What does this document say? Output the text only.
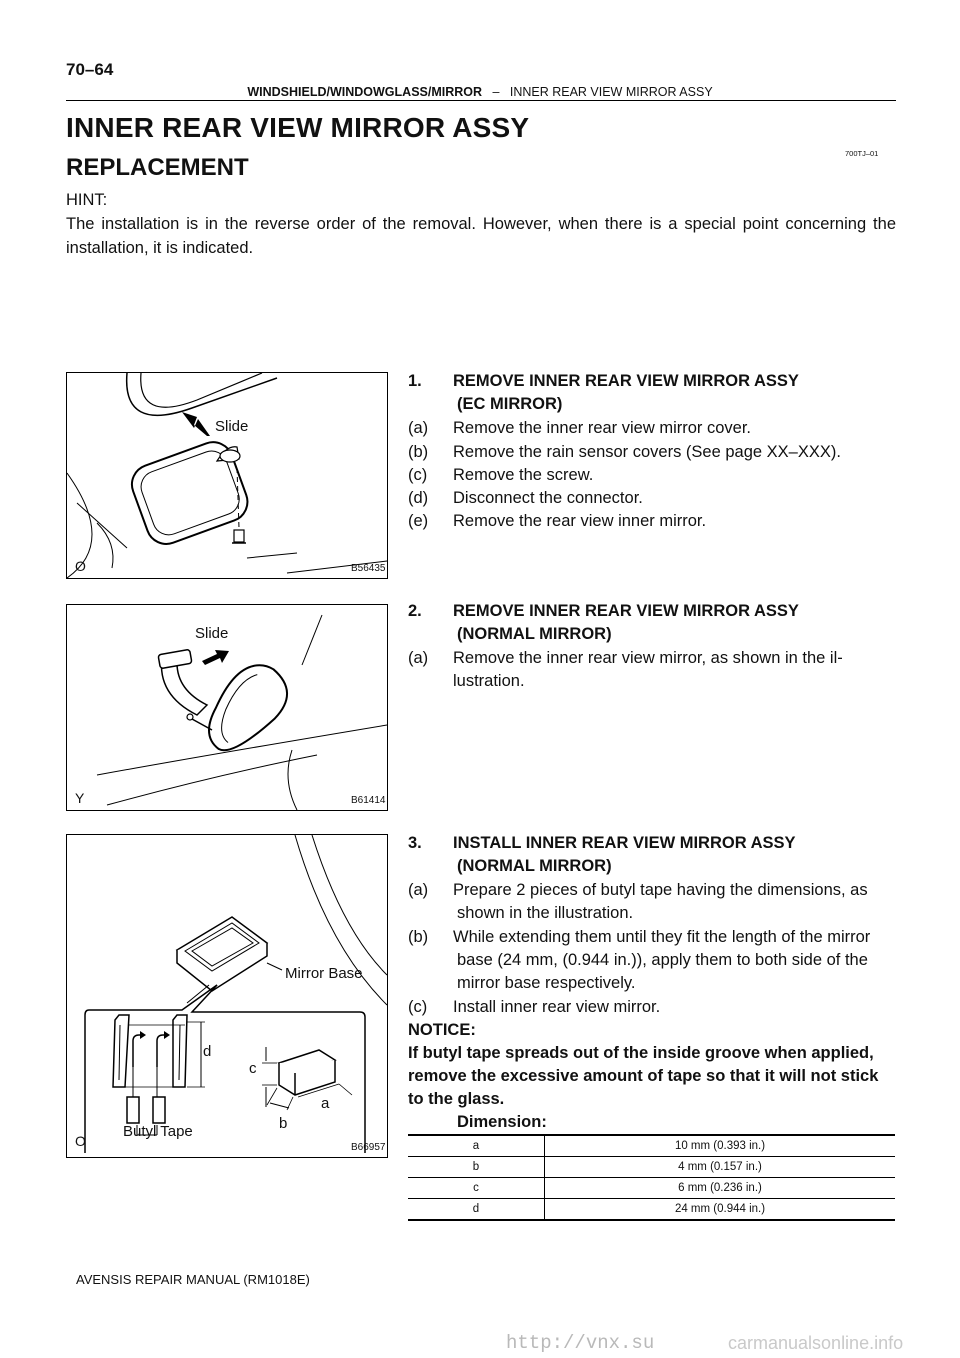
70–64
WINDSHIELD/WINDOWGLASS/MIRROR – INNER REAR VIEW MIRROR ASSY
INNER REAR VIEW MIRROR ASSY
REPLACEMENT
700TJ–01
HINT:
The installation is in the reverse order of the removal. However, when there is a special point concerning the installation, it is indicated.
Slide
O	B56435
Slide
Y	B61414
Mirror Base
Butyl Tape
d
c
a
b
O	B66957
1. REMOVE INNER REAR VIEW MIRROR ASSY
(EC MIRROR)
(a) Remove the inner rear view mirror cover.
(b) Remove the rain sensor covers (See page XX–XXX).
(c) Remove the screw.
(d) Disconnect the connector.
(e) Remove the rear view inner mirror.
2. REMOVE INNER REAR VIEW MIRROR ASSY
(NORMAL MIRROR)
(a) Remove the inner rear view mirror, as shown in the il-
lustration.
3. INSTALL INNER REAR VIEW MIRROR ASSY
(NORMAL MIRROR)
(a) Prepare 2 pieces of butyl tape having the dimensions, as
shown in the illustration.
(b) While extending them until they fit the length of the mirror
base (24 mm, (0.944 in.)), apply them to both side of the
mirror base respectively.
(c) Install inner rear view mirror.
NOTICE:
If butyl tape spreads out of the inside groove when applied,
remove the excessive amount of tape so that it will not stick
to the glass.
Dimension:
a	10 mm (0.393 in.)
b	4 mm (0.157 in.)
c	6 mm (0.236 in.)
d	24 mm (0.944 in.)
AVENSIS REPAIR MANUAL (RM1018E)
http://vnx.su	carmanualsonline.info
